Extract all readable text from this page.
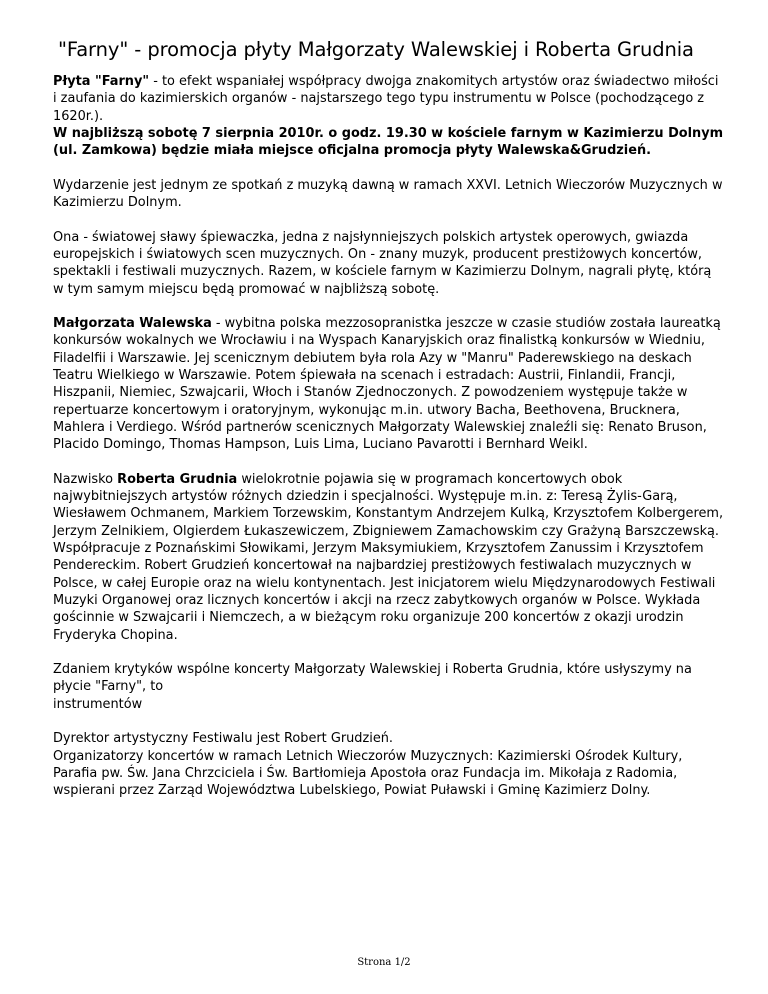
"Farny" - promocja płyty Małgorzaty Walewskiej i Roberta Grudnia

Płyta "Farny" - to efekt wspaniałej współpracy dwojga znakomitych artystów oraz świadectwo miłości i zaufania do kazimierskich organów - najstarszego tego typu instrumentu w Polsce (pochodzącego z 1620r.).
W najbliższą sobotę 7 sierpnia 2010r. o godz. 19.30 w kościele farnym w Kazimierzu Dolnym (ul. Zamkowa) będzie miała miejsce oficjalna promocja płyty Walewska&Grudzień.

Wydarzenie jest jednym ze spotkań z muzyką dawną w ramach XXVI. Letnich Wieczorów Muzycznych w Kazimierzu Dolnym.

Ona - światowej sławy śpiewaczka, jedna z najsłynniejszych polskich artystek operowych, gwiazda europejskich i światowych scen muzycznych. On - znany muzyk, producent prestiżowych koncertów, spektakli i festiwali muzycznych. Razem, w kościele farnym w Kazimierzu Dolnym, nagrali płytę, którą w tym samym miejscu będą promować w najbliższą sobotę.

Małgorzata Walewska - wybitna polska mezzosopranistka jeszcze w czasie studiów została laureatką konkursów wokalnych we Wrocławiu i na Wyspach Kanaryjskich oraz finalistką konkursów w Wiedniu, Filadelfii i Warszawie. Jej scenicznym debiutem była rola Azy w "Manru" Paderewskiego na deskach Teatru Wielkiego w Warszawie. Potem śpiewała na scenach i estradach: Austrii, Finlandii, Francji, Hiszpanii, Niemiec, Szwajcarii, Włoch i Stanów Zjednoczonych. Z powodzeniem występuje także w repertuarze koncertowym i oratoryjnym, wykonując m.in. utwory Bacha, Beethovena, Brucknera, Mahlera i Verdiego. Wśród partnerów scenicznych Małgorzaty Walewskiej znaleźli się: Renato Bruson, Placido Domingo, Thomas Hampson, Luis Lima, Luciano Pavarotti i Bernhard Weikl.

Nazwisko Roberta Grudnia wielokrotnie pojawia się w programach koncertowych obok najwybitniejszych artystów różnych dziedzin i specjalności. Występuje m.in. z: Teresą Żylis-Garą, Wiesławem Ochmanem, Markiem Torzewskim, Konstantym Andrzejem Kulką, Krzysztofem Kolbergerem, Jerzym Zelnikiem, Olgierdem Łukaszewiczem, Zbigniewem Zamachowskim czy Grażyną Barszczewską. Współpracuje z Poznańskimi Słowikami, Jerzym Maksymiukiem, Krzysztofem Zanussim i Krzysztofem Pendereckim. Robert Grudzień koncertował na najbardziej prestiżowych festiwalach muzycznych w Polsce, w całej Europie oraz na wielu kontynentach. Jest inicjatorem wielu Międzynarodowych Festiwali Muzyki Organowej oraz licznych koncertów i akcji na rzecz zabytkowych organów w Polsce. Wykłada gościnnie w Szwajcarii i Niemczech, a w bieżącym roku organizuje 200 koncertów z okazji urodzin Fryderyka Chopina.

Zdaniem krytyków wspólne koncerty Małgorzaty Walewskiej i Roberta Grudnia, które usłyszymy na płycie "Farny", to
instrumentów

Dyrektor artystyczny Festiwalu jest Robert Grudzień.
Organizatorzy koncertów w ramach Letnich Wieczorów Muzycznych: Kazimierski Ośrodek Kultury, Parafia pw. Św. Jana Chrzciciela i Św. Bartłomieja Apostoła oraz Fundacja im. Mikołaja z Radomia, wspierani przez Zarząd Województwa Lubelskiego, Powiat Puławski i Gminę Kazimierz Dolny.

Strona 1/2
